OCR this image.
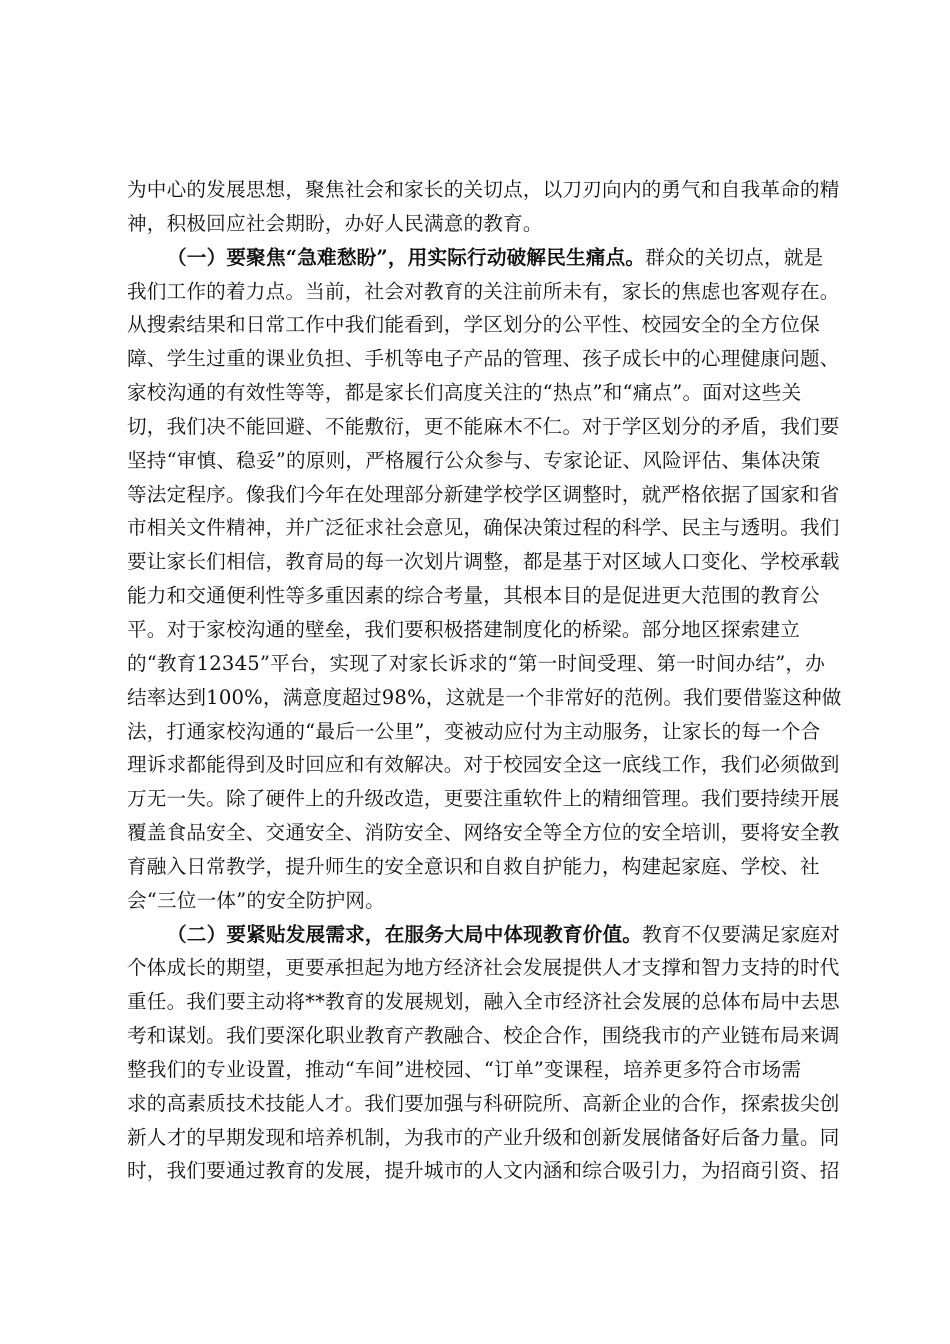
为中心的发展思想，聚焦社会和家长的关切点，以刀刃向内的勇气和自我革命的精
神，积极回应社会期盼，办好人民满意的教育。
（一）要聚焦“急难愁盼”，用实际行动破解民生痛点。群众的关切点，就是
我们工作的着力点。当前，社会对教育的关注前所未有，家长的焦虑也客观存在。
从搜索结果和日常工作中我们能看到，学区划分的公平性、校园安全的全方位保
障、学生过重的课业负担、手机等电子产品的管理、孩子成长中的心理健康问题、
家校沟通的有效性等等，都是家长们高度关注的“热点”和“痛点”。面对这些关
切，我们决不能回避、不能敷衍，更不能麻木不仁。对于学区划分的矛盾，我们要
坚持“审慎、稳妥”的原则，严格履行公众参与、专家论证、风险评估、集体决策
等法定程序。像我们今年在处理部分新建学校学区调整时，就严格依据了国家和省
市相关文件精神，并广泛征求社会意见，确保决策过程的科学、民主与透明。我们
要让家长们相信，教育局的每一次划片调整，都是基于对区域人口变化、学校承载
能力和交通便利性等多重因素的综合考量，其根本目的是促进更大范围的教育公
平。对于家校沟通的壁垒，我们要积极搭建制度化的桥梁。部分地区探索建立
的“教育12345”平台，实现了对家长诉求的“第一时间受理、第一时间办结”，办
结率达到100%，满意度超过98%，这就是一个非常好的范例。我们要借鉴这种做
法，打通家校沟通的“最后一公里”，变被动应付为主动服务，让家长的每一个合
理诉求都能得到及时回应和有效解决。对于校园安全这一底线工作，我们必须做到
万无一失。除了硬件上的升级改造，更要注重软件上的精细管理。我们要持续开展
覆盖食品安全、交通安全、消防安全、网络安全等全方位的安全培训，要将安全教
育融入日常教学，提升师生的安全意识和自救自护能力，构建起家庭、学校、社
会“三位一体”的安全防护网。
（二）要紧贴发展需求，在服务大局中体现教育价值。教育不仅要满足家庭对
个体成长的期望，更要承担起为地方经济社会发展提供人才支撑和智力支持的时代
重任。我们要主动将**教育的发展规划，融入全市经济社会发展的总体布局中去思
考和谋划。我们要深化职业教育产教融合、校企合作，围绕我市的产业链布局来调
整我们的专业设置，推动“车间”进校园、“订单”变课程，培养更多符合市场需
求的高素质技术技能人才。我们要加强与科研院所、高新企业的合作，探索拔尖创
新人才的早期发现和培养机制，为我市的产业升级和创新发展储备好后备力量。同
时，我们要通过教育的发展，提升城市的人文内涵和综合吸引力，为招商引资、招
